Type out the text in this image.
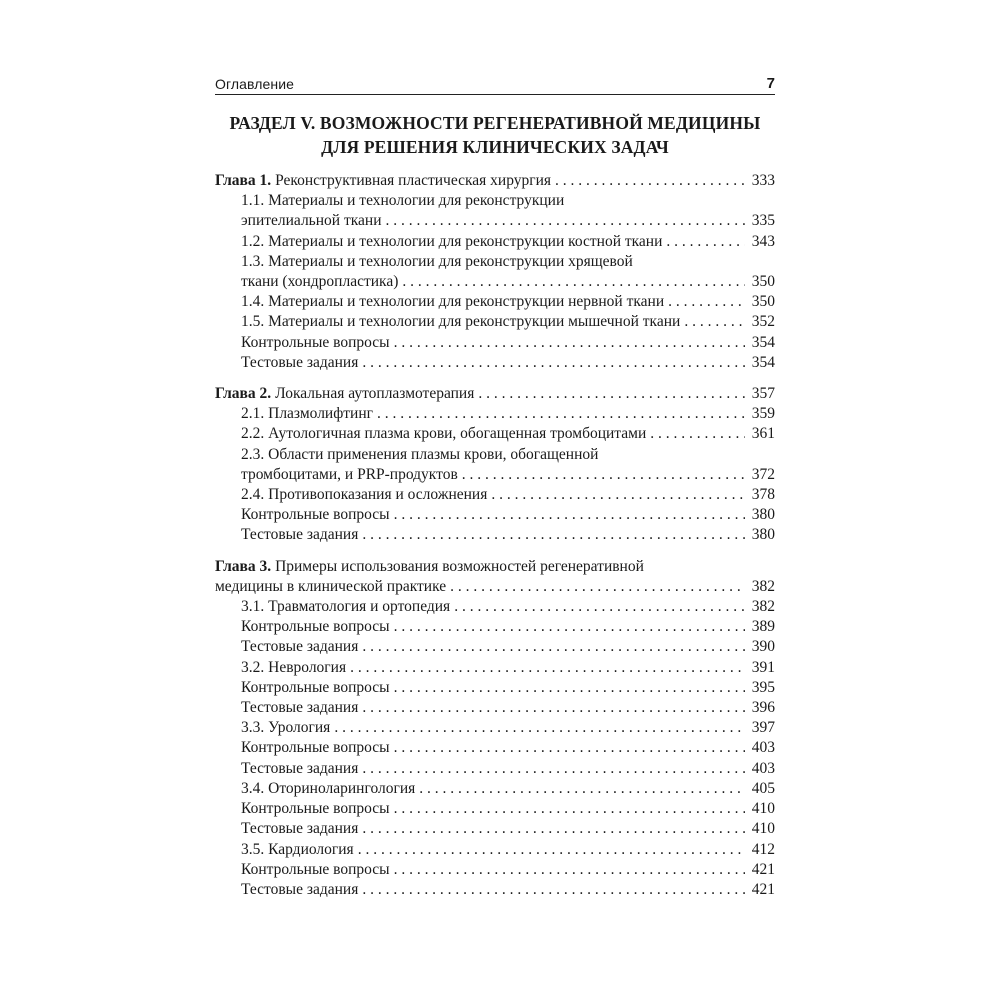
Оглавление	7
РАЗДЕЛ V. ВОЗМОЖНОСТИ РЕГЕНЕРАТИВНОЙ МЕДИЦИНЫ
ДЛЯ РЕШЕНИЯ КЛИНИЧЕСКИХ ЗАДАЧ
Глава 1. Реконструктивная пластическая хирургия . . .	333
1.1. Материалы и технологии для реконструкции
эпителиальной ткани . . .	335
1.2. Материалы и технологии для реконструкции костной ткани . . .	343
1.3. Материалы и технологии для реконструкции хрящевой
ткани (хондропластика) . . .	350
1.4. Материалы и технологии для реконструкции нервной ткани . . .	350
1.5. Материалы и технологии для реконструкции мышечной ткани . . .	352
Контрольные вопросы . . .	354
Тестовые задания . . .	354
Глава 2. Локальная аутоплазмотерапия . . .	357
2.1. Плазмолифтинг . . .	359
2.2. Аутологичная плазма крови, обогащенная тромбоцитами . . .	361
2.3. Области применения плазмы крови, обогащенной
тромбоцитами, и PRP-продуктов . . .	372
2.4. Противопоказания и осложнения . . .	378
Контрольные вопросы . . .	380
Тестовые задания . . .	380
Глава 3. Примеры использования возможностей регенеративной
медицины в клинической практике . . .	382
3.1. Травматология и ортопедия . . .	382
Контрольные вопросы . . .	389
Тестовые задания . . .	390
3.2. Неврология . . .	391
Контрольные вопросы . . .	395
Тестовые задания . . .	396
3.3. Урология . . .	397
Контрольные вопросы . . .	403
Тестовые задания . . .	403
3.4. Оториноларингология . . .	405
Контрольные вопросы . . .	410
Тестовые задания . . .	410
3.5. Кардиология . . .	412
Контрольные вопросы . . .	421
Тестовые задания . . .	421
